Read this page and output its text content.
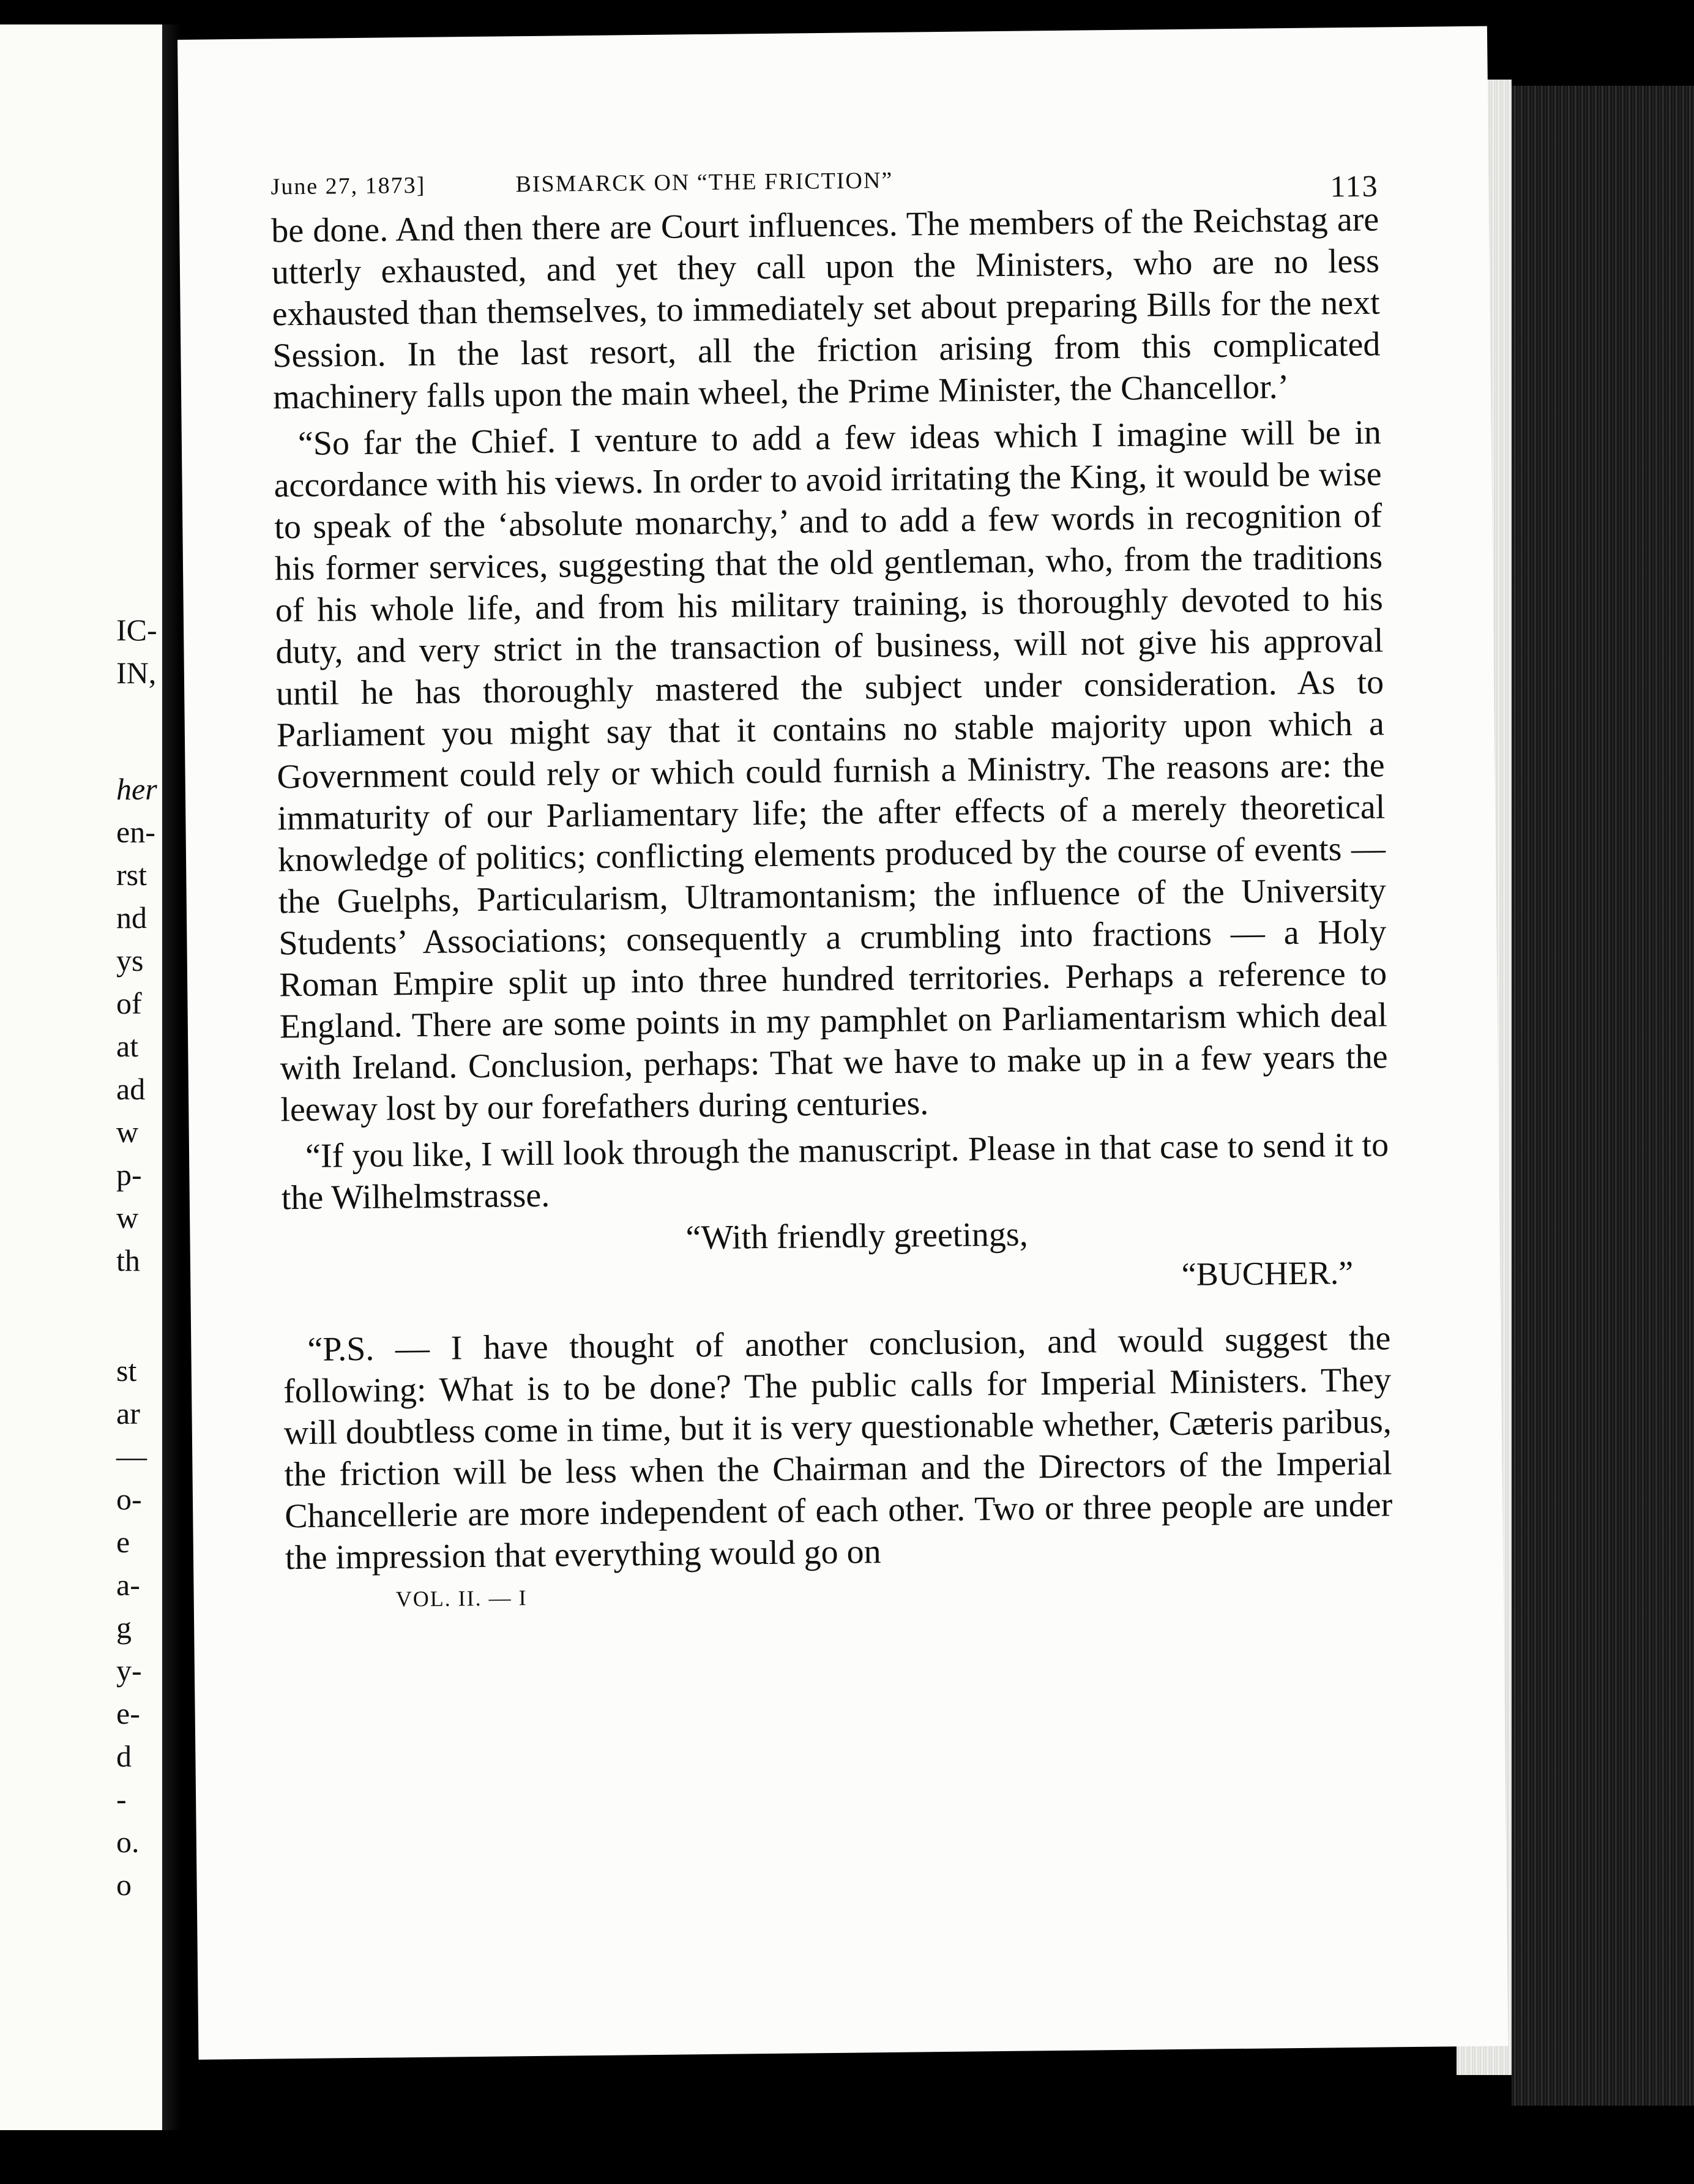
IC-
IN,
her
en-
rst
nd
ys
of
at
ad
w
p-
w
th
st
ar
—
o-
e
a-
g
y-
e-
d
-
o.
o
June 27, 1873]	BISMARCK ON “THE FRICTION”	113

be done. And then there are Court influences. The members of the Reichstag are utterly exhausted, and yet they call upon the Ministers, who are no less exhausted than themselves, to immediately set about preparing Bills for the next Session. In the last resort, all the friction arising from this complicated machinery falls upon the main wheel, the Prime Minister, the Chancellor.’

“So far the Chief. I venture to add a few ideas which I imagine will be in accordance with his views. In order to avoid irritating the King, it would be wise to speak of the ‘absolute monarchy,’ and to add a few words in recognition of his former services, suggesting that the old gentleman, who, from the traditions of his whole life, and from his military training, is thoroughly devoted to his duty, and very strict in the transaction of business, will not give his approval until he has thoroughly mastered the subject under consideration. As to Parliament you might say that it contains no stable majority upon which a Government could rely or which could furnish a Ministry. The reasons are: the immaturity of our Parliamentary life; the after effects of a merely theoretical knowledge of politics; conflicting elements produced by the course of events — the Guelphs, Particularism, Ultramontanism; the influence of the University Students’ Associations; consequently a crumbling into fractions — a Holy Roman Empire split up into three hundred territories. Perhaps a reference to England. There are some points in my pamphlet on Parliamentarism which deal with Ireland. Conclusion, perhaps: That we have to make up in a few years the leeway lost by our forefathers during centuries.

“If you like, I will look through the manuscript. Please in that case to send it to the Wilhelmstrasse.

“With friendly greetings,
“BUCHER.”

“P.S. — I have thought of another conclusion, and would suggest the following: What is to be done? The public calls for Imperial Ministers. They will doubtless come in time, but it is very questionable whether, Cæteris paribus, the friction will be less when the Chairman and the Directors of the Imperial Chancellerie are more independent of each other. Two or three people are under the impression that everything would go on

VOL. II. — I
